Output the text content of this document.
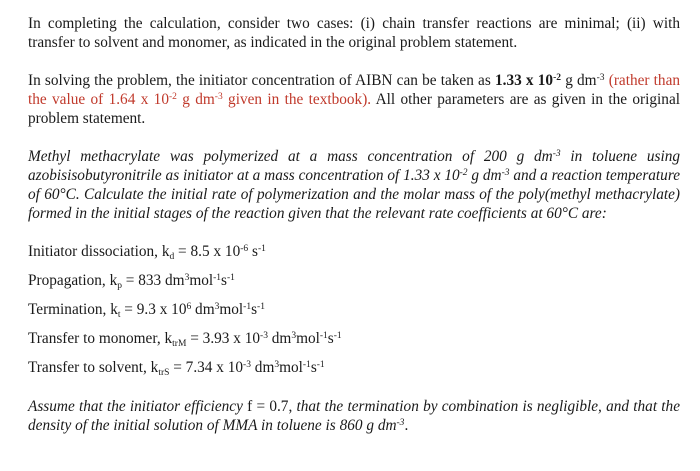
In completing the calculation, consider two cases: (i) chain transfer reactions are minimal; (ii) with transfer to solvent and monomer, as indicated in the original problem statement.

In solving the problem, the initiator concentration of AIBN can be taken as 1.33 x $10^{-2}$ g $dm^{-3}$ (rather than the value of 1.64 x $10^{-2}$ g $dm^{-3}$ given in the textbook). All other parameters are as given in the original problem statement.

Methyl methacrylate was polymerized at a mass concentration of 200 g $dm^{-3}$ in toluene using azobisisobutyronitrile as initiator at a mass concentration of 1.33 x $10^{-2}$ g $dm^{-3}$ and a reaction temperature of 60°C. Calculate the initial rate of polymerization and the molar mass of the poly(methyl methacrylate) formed in the initial stages of the reaction given that the relevant rate coefficients at 60°C are:

Initiator dissociation, $k_d = 8.5$ x $10^{-6}$ $s^{-1}$

Propagation, $k_p = 833$ $dm^3mol^{-1}s^{-1}$

Termination, $k_t = 9.3$ x $10^6$ $dm^3mol^{-1}s^{-1}$

Transfer to monomer, $k_{trM} = 3.93$ x $10^{-3}$ $dm^3mol^{-1}s^{-1}$

Transfer to solvent, $k_{trS} = 7.34$ x $10^{-3}$ $dm^3mol^{-1}s^{-1}$

Assume that the initiator efficiency f = 0.7, that the termination by combination is negligible, and that the density of the initial solution of MMA in toluene is 860 g $dm^{-3}$.
